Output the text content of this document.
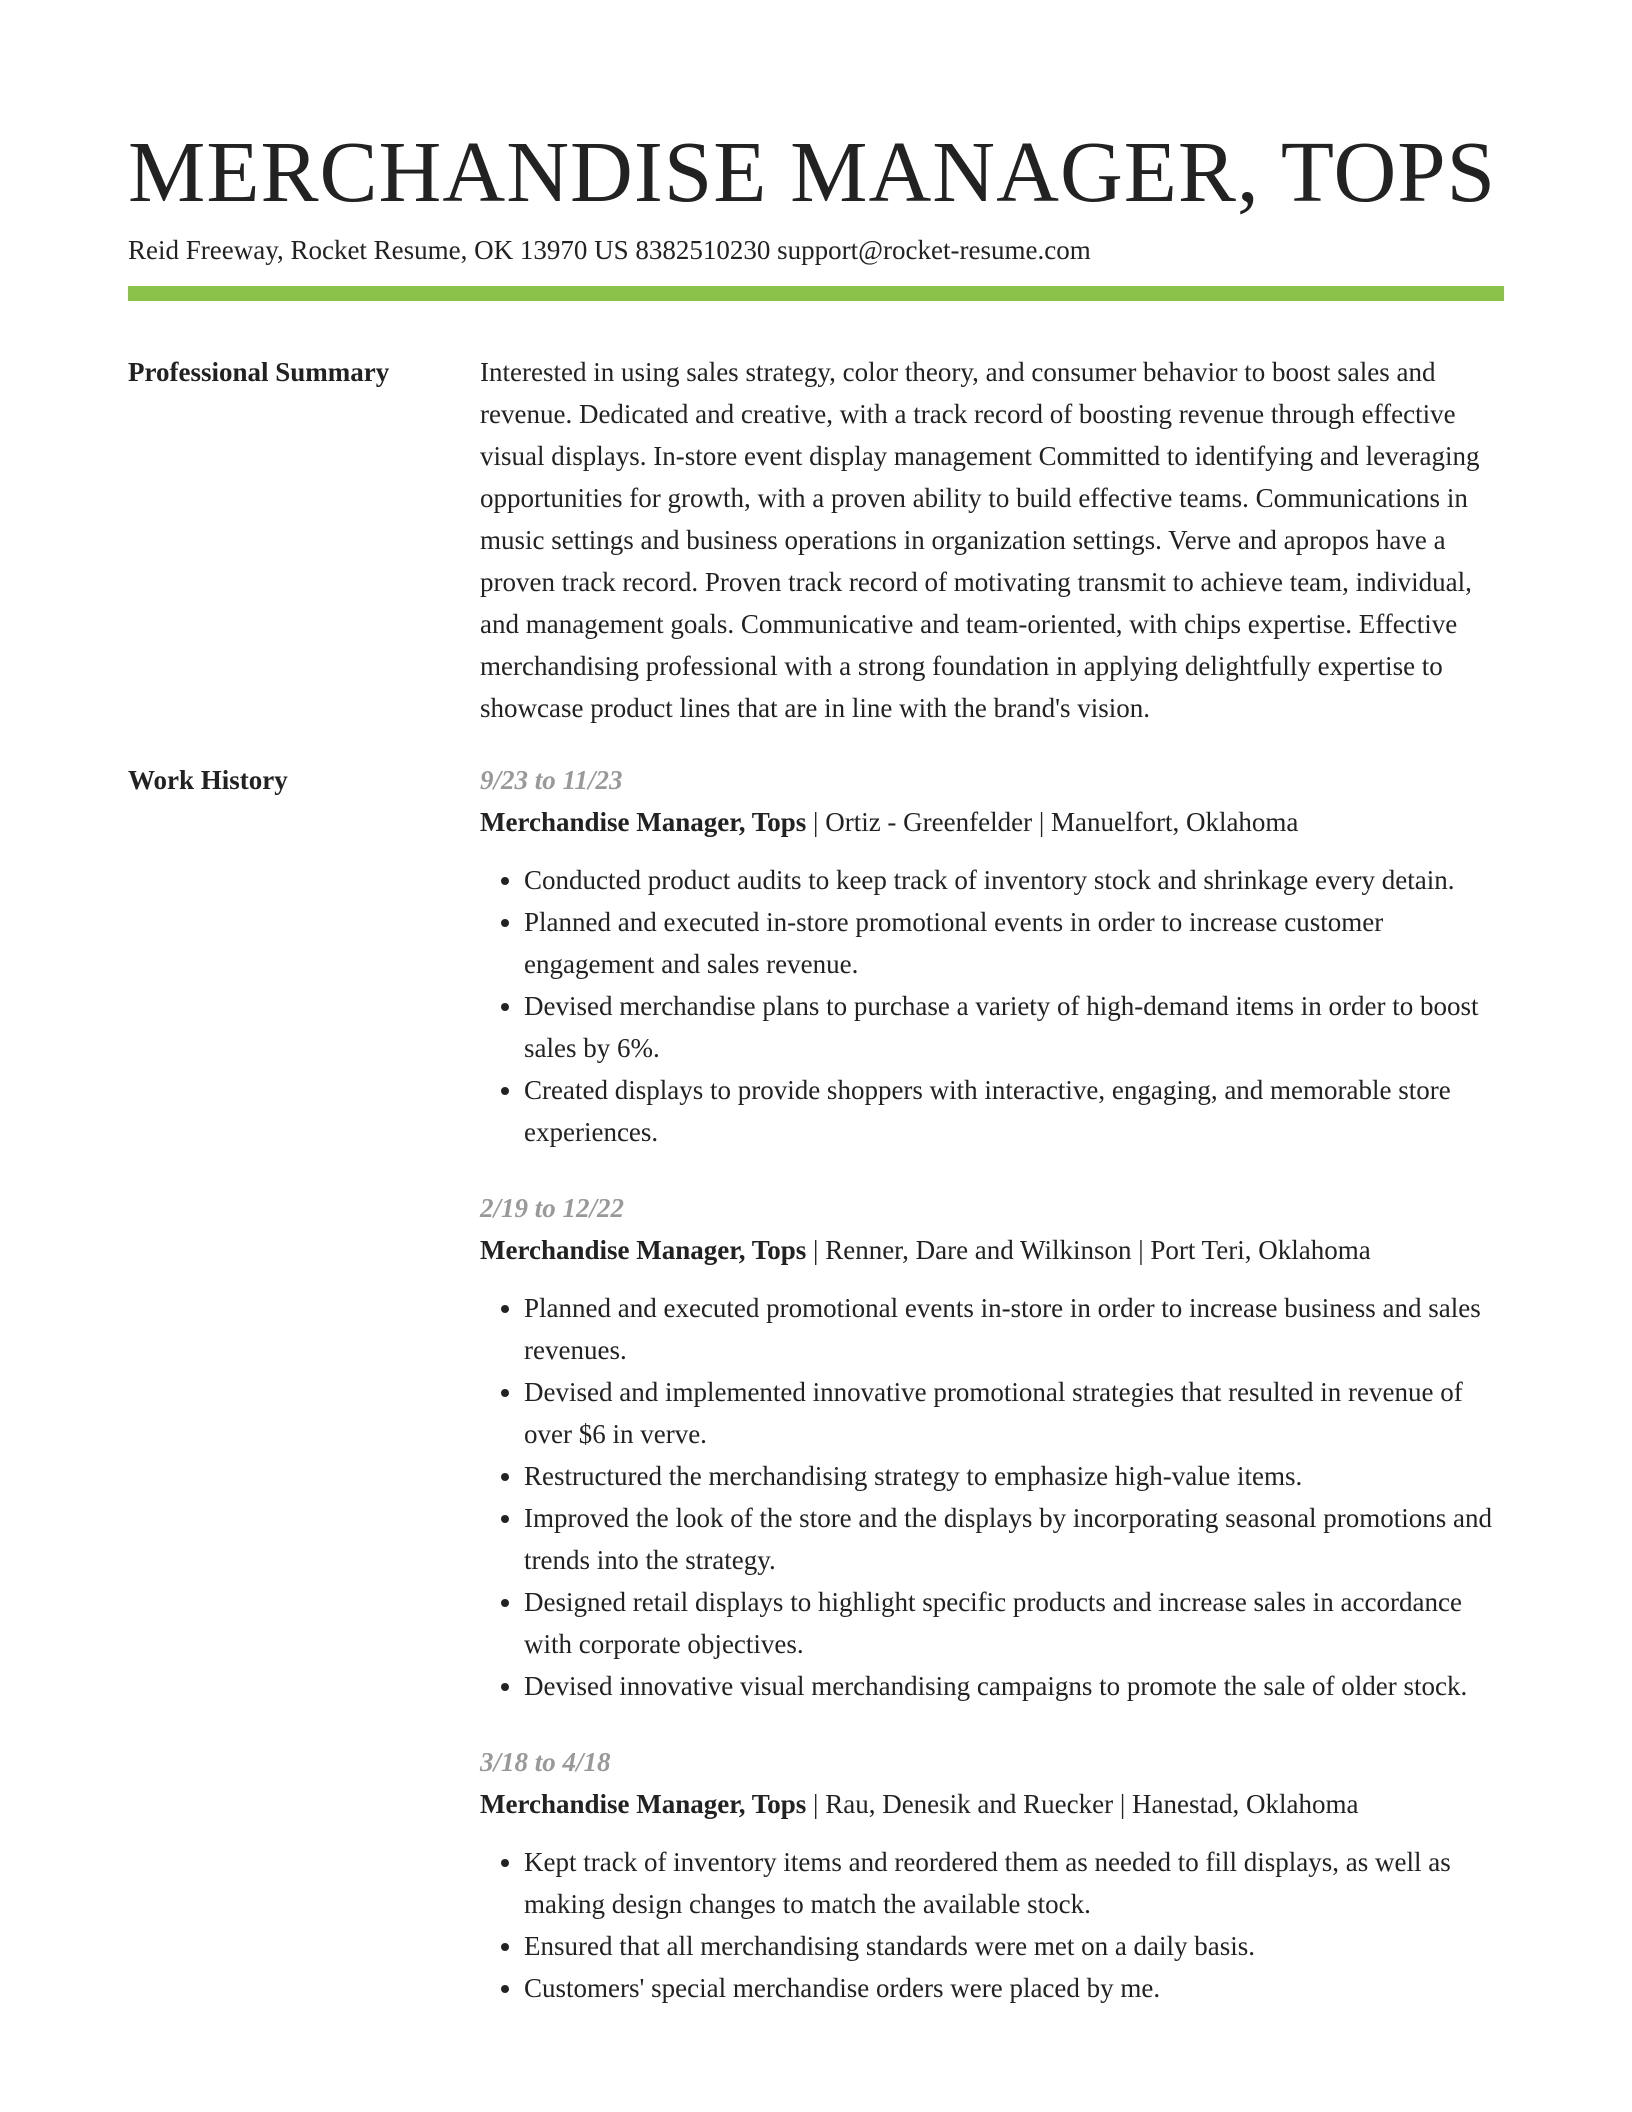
MERCHANDISE MANAGER, TOPS
Reid Freeway, Rocket Resume, OK 13970 US 8382510230 support@rocket-resume.com
Professional Summary	Interested in using sales strategy, color theory, and consumer behavior to boost sales and revenue. Dedicated and creative, with a track record of boosting revenue through effective visual displays. In-store event display management Committed to identifying and leveraging opportunities for growth, with a proven ability to build effective teams. Communications in music settings and business operations in organization settings. Verve and apropos have a proven track record. Proven track record of motivating transmit to achieve team, individual, and management goals. Communicative and team-oriented, with chips expertise. Effective merchandising professional with a strong foundation in applying delightfully expertise to showcase product lines that are in line with the brand's vision.

Work History	9/23 to 11/23
Merchandise Manager, Tops | Ortiz - Greenfelder | Manuelfort, Oklahoma
• Conducted product audits to keep track of inventory stock and shrinkage every detain.
• Planned and executed in-store promotional events in order to increase customer engagement and sales revenue.
• Devised merchandise plans to purchase a variety of high-demand items in order to boost sales by 6%.
• Created displays to provide shoppers with interactive, engaging, and memorable store experiences.
2/19 to 12/22
Merchandise Manager, Tops | Renner, Dare and Wilkinson | Port Teri, Oklahoma
• Planned and executed promotional events in-store in order to increase business and sales revenues.
• Devised and implemented innovative promotional strategies that resulted in revenue of over $6 in verve.
• Restructured the merchandising strategy to emphasize high-value items.
• Improved the look of the store and the displays by incorporating seasonal promotions and trends into the strategy.
• Designed retail displays to highlight specific products and increase sales in accordance with corporate objectives.
• Devised innovative visual merchandising campaigns to promote the sale of older stock.
3/18 to 4/18
Merchandise Manager, Tops | Rau, Denesik and Ruecker | Hanestad, Oklahoma
• Kept track of inventory items and reordered them as needed to fill displays, as well as making design changes to match the available stock.
• Ensured that all merchandising standards were met on a daily basis.
• Customers' special merchandise orders were placed by me.
